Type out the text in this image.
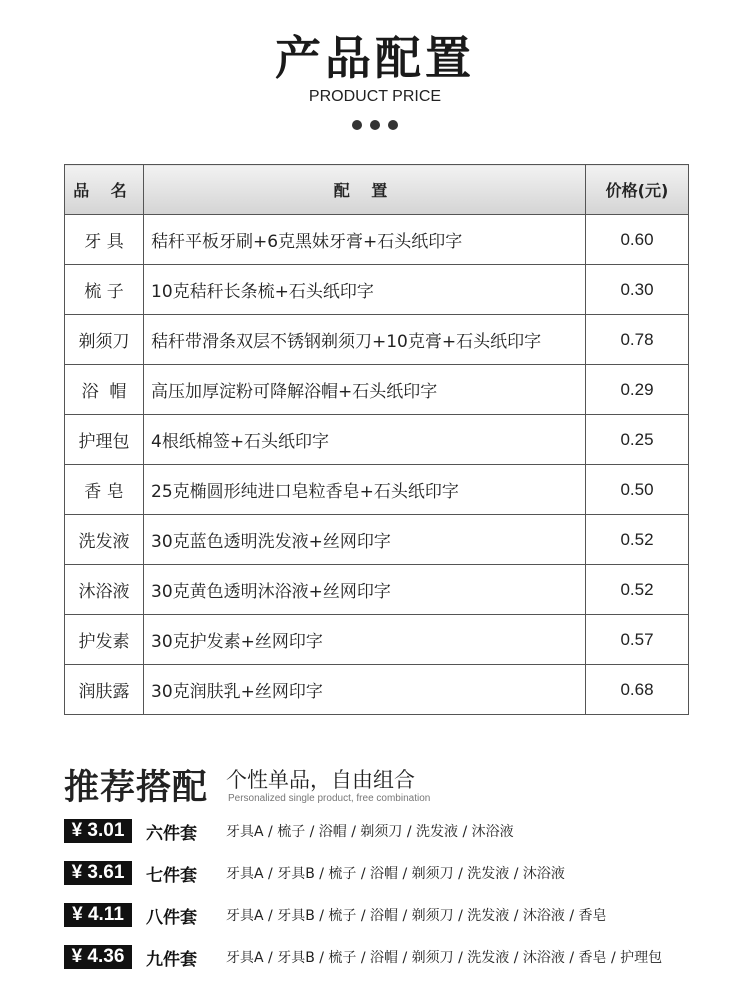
产品配置
PRODUCT PRICE
品 名	配 置	价格(元)
牙 具	秸秆平板牙刷+6克黑妹牙膏+石头纸印字	0.60
梳 子	10克秸秆长条梳+石头纸印字	0.30
剃须刀	秸秆带滑条双层不锈钢剃须刀+10克膏+石头纸印字	0.78
浴  帽	高压加厚淀粉可降解浴帽+石头纸印字	0.29
护理包	4根纸棉签+石头纸印字	0.25
香 皂	25克椭圆形纯进口皂粒香皂+石头纸印字	0.50
洗发液	30克蓝色透明洗发液+丝网印字	0.52
沐浴液	30克黄色透明沐浴液+丝网印字	0.52
护发素	30克护发素+丝网印字	0.57
润肤露	30克润肤乳+丝网印字	0.68
推荐搭配 个性单品，自由组合
Personalized single product, free combination
¥ 3.01	六件套	牙具A / 梳子 / 浴帽 / 剃须刀 / 洗发液 / 沐浴液
¥ 3.61	七件套	牙具A / 牙具B / 梳子 / 浴帽 / 剃须刀 / 洗发液 / 沐浴液
¥ 4.11	八件套	牙具A / 牙具B / 梳子 / 浴帽 / 剃须刀 / 洗发液 / 沐浴液 / 香皂
¥ 4.36	九件套	牙具A / 牙具B / 梳子 / 浴帽 / 剃须刀 / 洗发液 / 沐浴液 / 香皂 / 护理包
